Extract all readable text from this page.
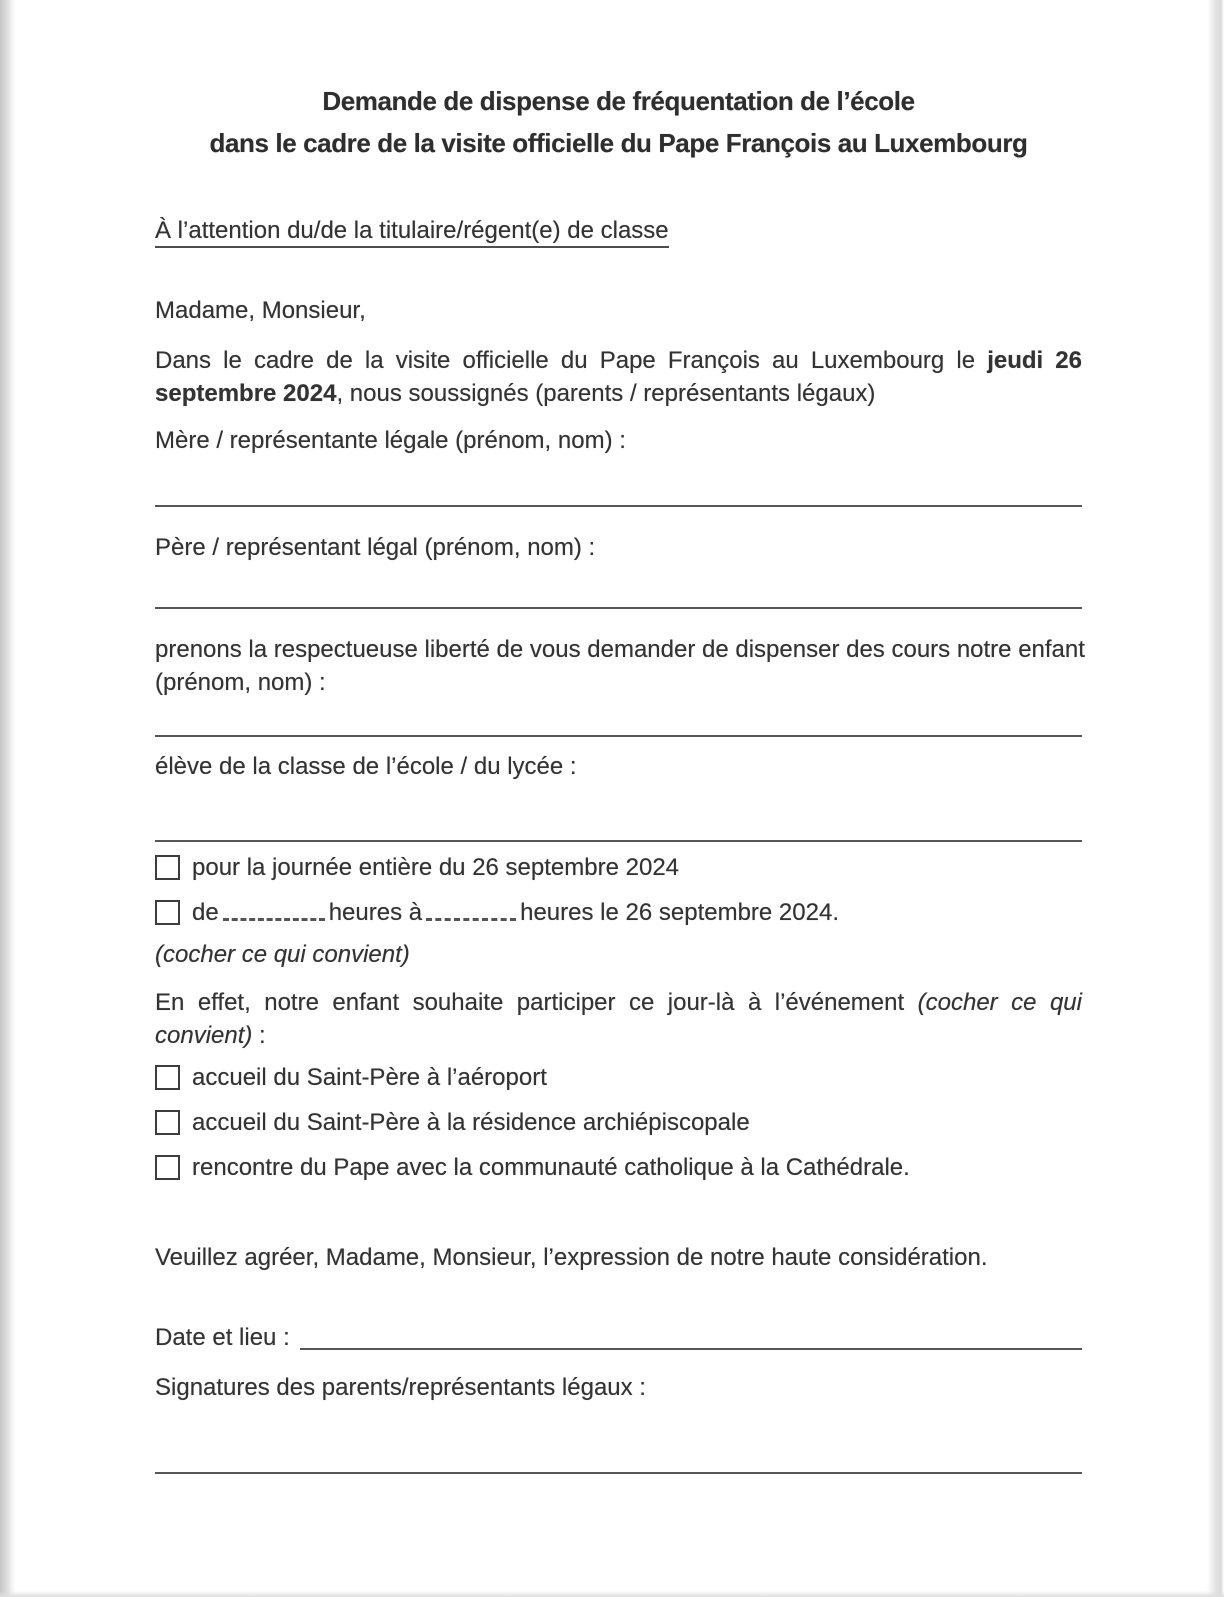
Demande de dispense de fréquentation de l’école
dans le cadre de la visite officielle du Pape François au Luxembourg
À l’attention du/de la titulaire/régent(e) de classe
Madame, Monsieur,
Dans le cadre de la visite officielle du Pape François au Luxembourg le jeudi 26
septembre 2024, nous soussignés (parents / représentants légaux)
Mère / représentante légale (prénom, nom) :
Père / représentant légal (prénom, nom) :
prenons la respectueuse liberté de vous demander de dispenser des cours notre enfant
(prénom, nom) :
élève de la classe de l’école / du lycée :
pour la journée entière du 26 septembre 2024
de	heures à	heures le 26 septembre 2024.
(cocher ce qui convient)
En effet, notre enfant souhaite participer ce jour-là à l’événement (cocher ce qui
convient) :
accueil du Saint-Père à l’aéroport
accueil du Saint-Père à la résidence archiépiscopale
rencontre du Pape avec la communauté catholique à la Cathédrale.
Veuillez agréer, Madame, Monsieur, l’expression de notre haute considération.
Date et lieu :
Signatures des parents/représentants légaux :
